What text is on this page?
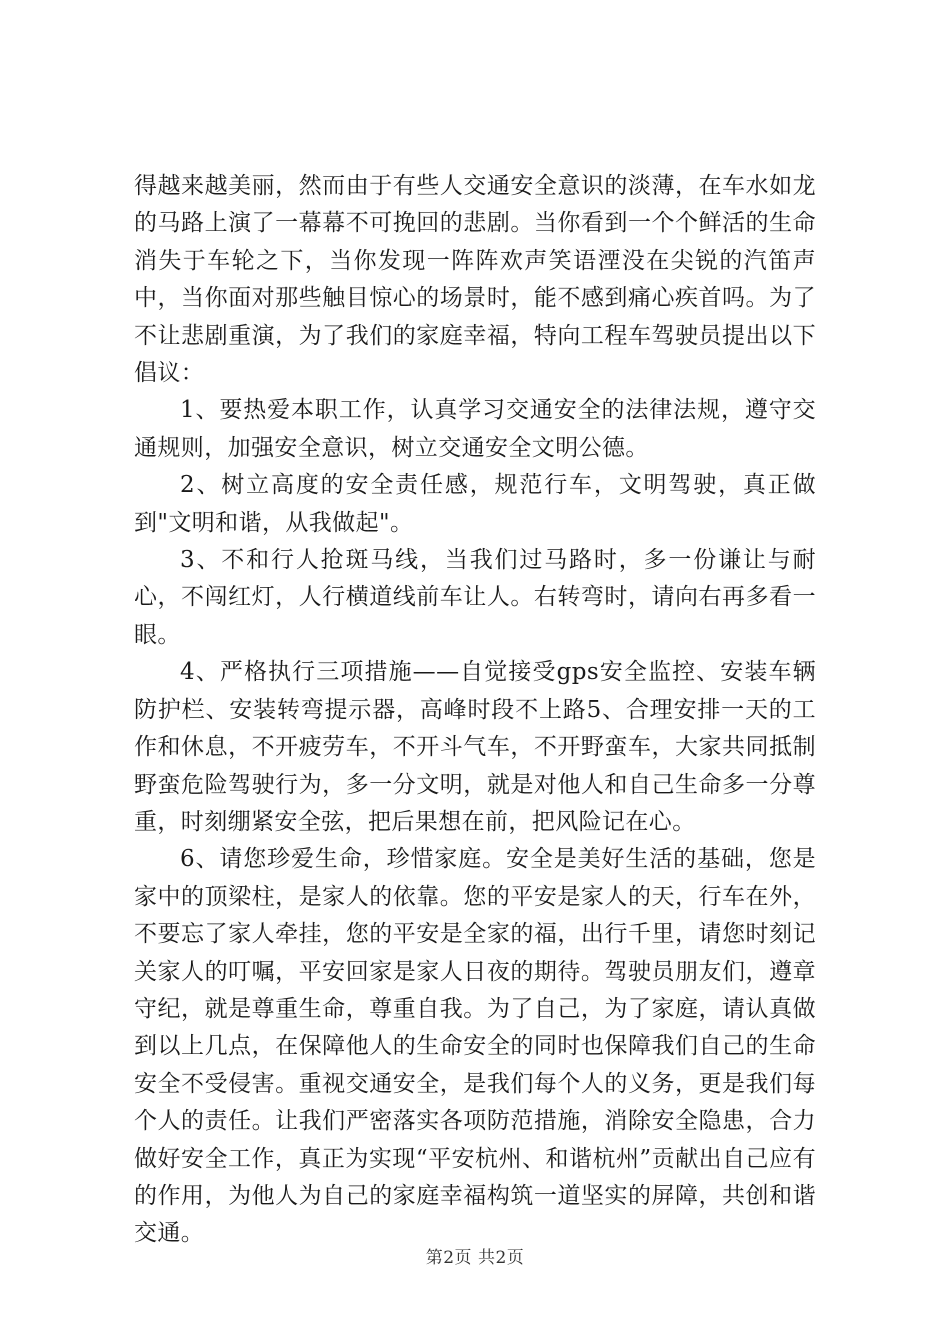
得越来越美丽，然而由于有些人交通安全意识的淡薄，在车水如龙的马路上演了一幕幕不可挽回的悲剧。当你看到一个个鲜活的生命消失于车轮之下，当你发现一阵阵欢声笑语湮没在尖锐的汽笛声中，当你面对那些触目惊心的场景时，能不感到痛心疾首吗。为了不让悲剧重演，为了我们的家庭幸福，特向工程车驾驶员提出以下倡议：

1、要热爱本职工作，认真学习交通安全的法律法规，遵守交通规则，加强安全意识，树立交通安全文明公德。

2、树立高度的安全责任感，规范行车，文明驾驶，真正做到"文明和谐，从我做起"。

3、不和行人抢斑马线，当我们过马路时，多一份谦让与耐心，不闯红灯，人行横道线前车让人。右转弯时，请向右再多看一眼。

4、严格执行三项措施——自觉接受gps安全监控、安装车辆防护栏、安装转弯提示器，高峰时段不上路5、合理安排一天的工作和休息，不开疲劳车，不开斗气车，不开野蛮车，大家共同抵制野蛮危险驾驶行为，多一分文明，就是对他人和自己生命多一分尊重，时刻绷紧安全弦，把后果想在前，把风险记在心。

6、请您珍爱生命，珍惜家庭。安全是美好生活的基础，您是家中的顶梁柱，是家人的依靠。您的平安是家人的天，行车在外，不要忘了家人牵挂，您的平安是全家的福，出行千里，请您时刻记关家人的叮嘱，平安回家是家人日夜的期待。驾驶员朋友们，遵章守纪，就是尊重生命，尊重自我。为了自己，为了家庭，请认真做到以上几点，在保障他人的生命安全的同时也保障我们自己的生命安全不受侵害。重视交通安全，是我们每个人的义务，更是我们每个人的责任。让我们严密落实各项防范措施，消除安全隐患，合力做好安全工作，真正为实现“平安杭州、和谐杭州”贡献出自己应有的作用，为他人为自己的家庭幸福构筑一道坚实的屏障，共创和谐交通。

第2页 共2页
